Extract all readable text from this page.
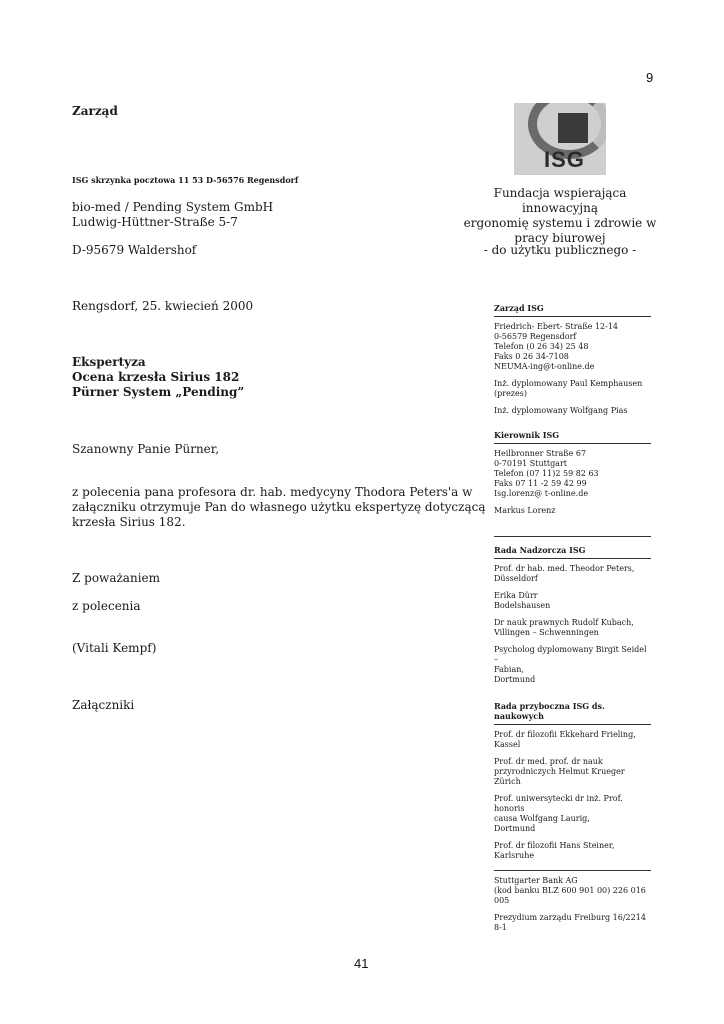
9
41
Zarząd
ISG skrzynka pocztowa 11 53 D-56576 Regensdorf
bio-med / Pending System GmbH
Ludwig-Hüttner-Straße 5-7
D-95679 Waldershof
Rengsdorf, 25. kwiecień 2000
Ekspertyza
Ocena krzesła Sirius 182
Pürner System „Pending”
Szanowny Panie Pürner,
z polecenia pana profesora dr. hab. medycyny Thodora Peters'a w
załączniku otrzymuje Pan do własnego użytku ekspertyzę dotyczącą
krzesła Sirius 182.
Z poważaniem
z polecenia
(Vitali Kempf)
Załączniki
ISG
Fundacja wspierająca innowacyjną
ergonomię systemu i zdrowie w
pracy biurowej
- do użytku publicznego -
Zarząd ISG

Friedrich- Ebert- Straße 12-14
0-56579 Regensdorf
Telefon (0 26 34) 25 48
Faks 0 26 34-7108
NEUMA-ing@t-online.de

Inż. dyplomowany Paul Kemphausen
(prezes)

Inż. dyplomowany Wolfgang Pias

Kierownik ISG

Heilbronner Straße 67
0-70191 Stuttgart
Telefon (07 11)2 59 82 63
Faks 07 11 -2 59 42 99
Isg.lorenz@ t-online.de

Markus Lorenz

Rada Nadzorcza ISG

Prof. dr hab. med. Theodor Peters,
Düsseldorf

Erika Dürr
Bodelshausen

Dr nauk prawnych Rudolf Kubach,
Villingen – Schwenningen

Psycholog dyplomowany Birgit Seidel –
Fabian,
Dortmund

Rada przyboczna ISG ds. naukowych

Prof. dr filozofii Ekkehard Frieling,
Kassel

Prof. dr med. prof. dr nauk
przyrodniczych Helmut Krueger
Zürich

Prof. uniwersytecki dr inż. Prof. honoris
causa Wolfgang Laurig,
Dortmund

Prof. dr filozofii Hans Steiner,
Karlsruhe

Stuttgarter Bank AG
(kod banku BLZ 600 901 00) 226 016 005

Prezydium zarządu Freiburg 16/2214 8-1
